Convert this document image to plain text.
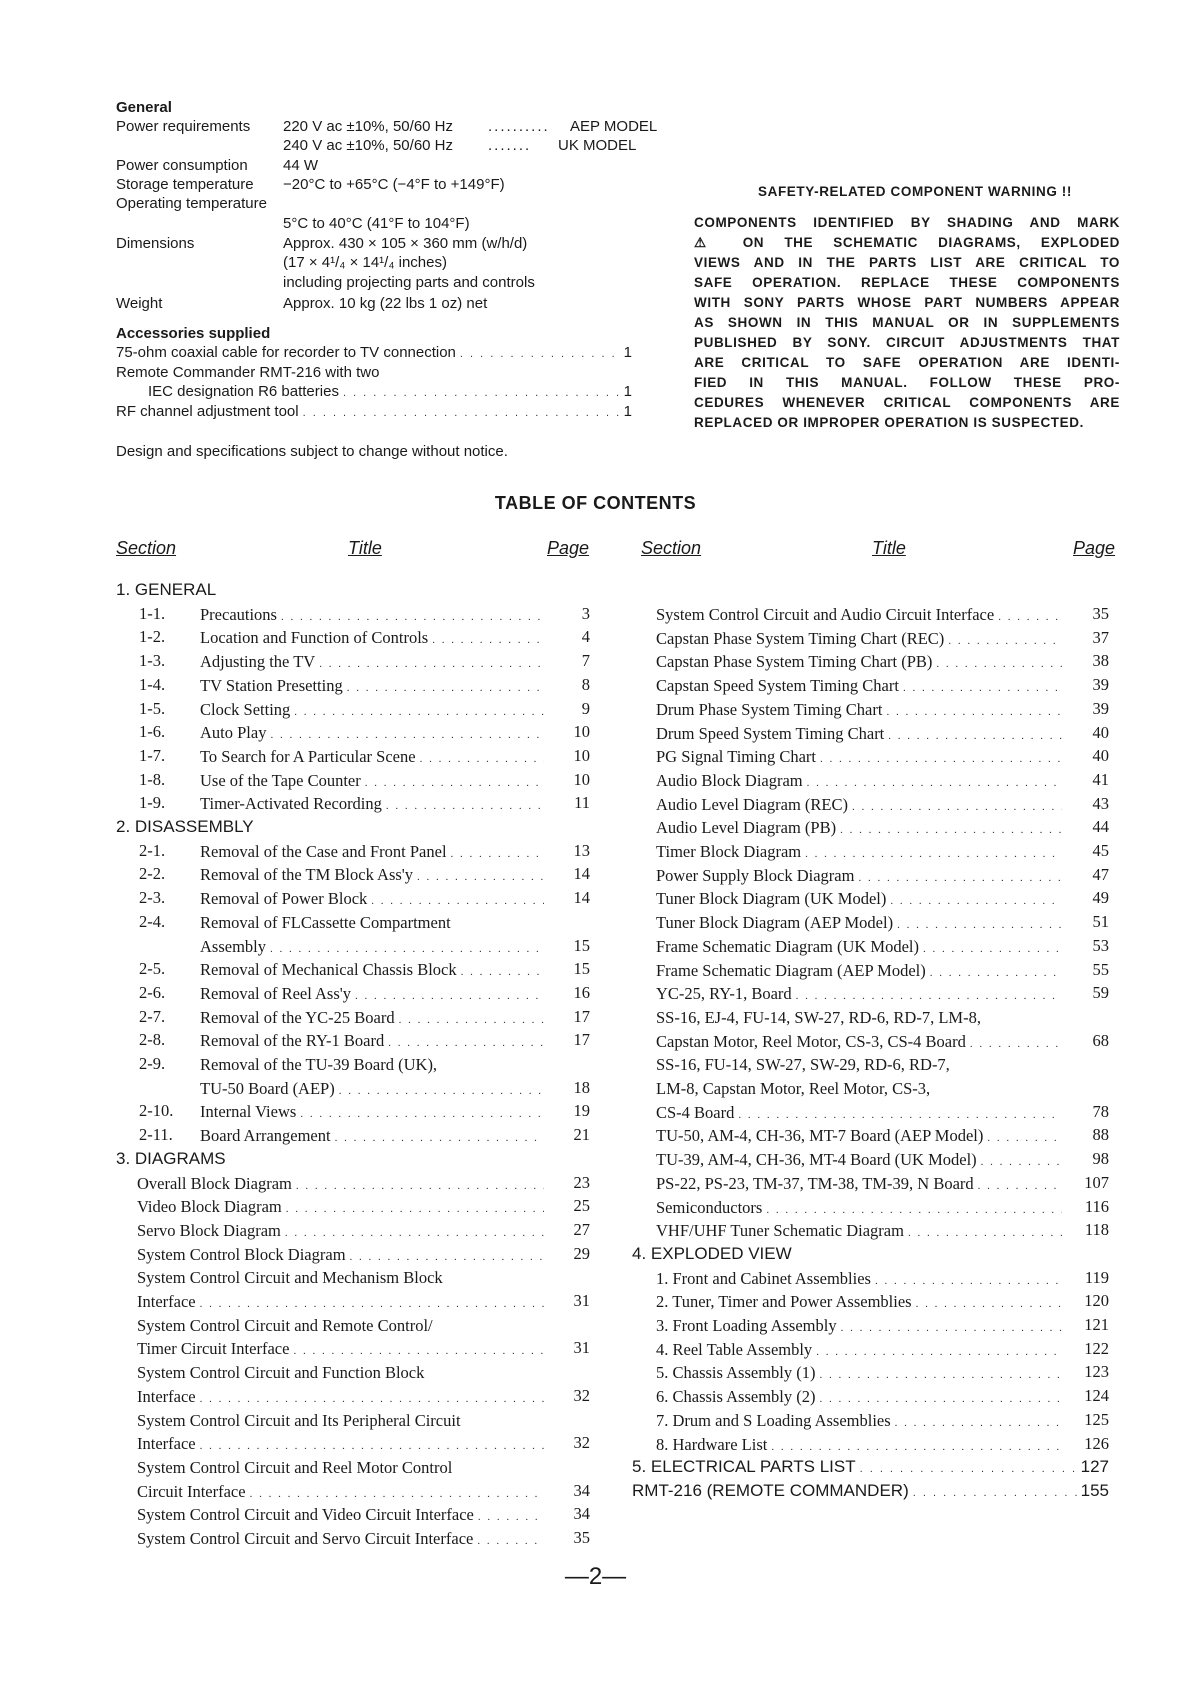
General
Power requirements 220 V ac ±10%, 50/60 Hz .......... AEP MODEL
240 V ac ±10%, 50/60 Hz ....... UK MODEL
Power consumption 44 W
Storage temperature −20°C to +65°C (−4°F to +149°F)
Operating temperature
5°C to 40°C (41°F to 104°F)
Dimensions	Approx. 430 × 105 × 360 mm (w/h/d)
(17 × 4¹/₄ × 14¹/₄ inches)
including projecting parts and controls
Weight	Approx. 10 kg (22 lbs 1 oz) net
Accessories supplied
75-ohm coaxial cable for recorder to TV connection . . .	1
Remote Commander RMT-216 with two
IEC designation R6 batteries . . .	1
RF channel adjustment tool . . .	1
Design and specifications subject to change without notice.
SAFETY-RELATED COMPONENT WARNING !!
COMPONENTS IDENTIFIED BY SHADING AND MARK
⚠ ON THE SCHEMATIC DIAGRAMS, EXPLODED
VIEWS AND IN THE PARTS LIST ARE CRITICAL TO
SAFE OPERATION. REPLACE THESE COMPONENTS
WITH SONY PARTS WHOSE PART NUMBERS APPEAR
AS SHOWN IN THIS MANUAL OR IN SUPPLEMENTS
PUBLISHED BY SONY. CIRCUIT ADJUSTMENTS THAT
ARE CRITICAL TO SAFE OPERATION ARE IDENTI-
FIED IN THIS MANUAL. FOLLOW THESE PRO-
CEDURES WHENEVER CRITICAL COMPONENTS ARE
REPLACED OR IMPROPER OPERATION IS SUSPECTED.
TABLE OF CONTENTS
Section	Title	Page	Section	Title	Page
1. GENERAL
1-1. Precautions . . .	3
1-2. Location and Function of Controls . . .	4
1-3. Adjusting the TV . . .	7
1-4. TV Station Presetting . . .	8
1-5. Clock Setting . . .	9
1-6. Auto Play . . .	10
1-7. To Search for A Particular Scene . . .	10
1-8. Use of the Tape Counter . . .	10
1-9. Timer-Activated Recording . . .	11
2. DISASSEMBLY
2-1. Removal of the Case and Front Panel . . .	13
2-2. Removal of the TM Block Ass'y . . .	14
2-3. Removal of Power Block . . .	14
2-4. Removal of FLCassette Compartment
Assembly . . .	15
2-5. Removal of Mechanical Chassis Block . . .	15
2-6. Removal of Reel Ass'y . . .	16
2-7. Removal of the YC-25 Board . . .	17
2-8. Removal of the RY-1 Board . . .	17
2-9. Removal of the TU-39 Board (UK),
TU-50 Board (AEP) . . .	18
2-10. Internal Views . . .	19
2-11. Board Arrangement . . .	21
3. DIAGRAMS
Overall Block Diagram . . .	23
Video Block Diagram . . .	25
Servo Block Diagram . . .	27
System Control Block Diagram . . .	29
System Control Circuit and Mechanism Block
Interface . . .	31
System Control Circuit and Remote Control/
Timer Circuit Interface . . .	31
System Control Circuit and Function Block
Interface . . .	32
System Control Circuit and Its Peripheral Circuit
Interface . . .	32
System Control Circuit and Reel Motor Control
Circuit Interface . . .	34
System Control Circuit and Video Circuit Interface . . .	34
System Control Circuit and Servo Circuit Interface . . .	35
System Control Circuit and Audio Circuit Interface . . .	35
Capstan Phase System Timing Chart (REC) . . .	37
Capstan Phase System Timing Chart (PB) . . .	38
Capstan Speed System Timing Chart . . .	39
Drum Phase System Timing Chart . . .	39
Drum Speed System Timing Chart . . .	40
PG Signal Timing Chart . . .	40
Audio Block Diagram . . .	41
Audio Level Diagram (REC) . . .	43
Audio Level Diagram (PB) . . .	44
Timer Block Diagram . . .	45
Power Supply Block Diagram . . .	47
Tuner Block Diagram (UK Model) . . .	49
Tuner Block Diagram (AEP Model) . . .	51
Frame Schematic Diagram (UK Model) . . .	53
Frame Schematic Diagram (AEP Model) . . .	55
YC-25, RY-1, Board . . .	59
SS-16, EJ-4, FU-14, SW-27, RD-6, RD-7, LM-8,
Capstan Motor, Reel Motor, CS-3, CS-4 Board . . .	68
SS-16, FU-14, SW-27, SW-29, RD-6, RD-7,
LM-8, Capstan Motor, Reel Motor, CS-3,
CS-4 Board . . .	78
TU-50, AM-4, CH-36, MT-7 Board (AEP Model) . . .	88
TU-39, AM-4, CH-36, MT-4 Board (UK Model) . . .	98
PS-22, PS-23, TM-37, TM-38, TM-39, N Board . . .	107
Semiconductors . . .	116
VHF/UHF Tuner Schematic Diagram . . .	118
4. EXPLODED VIEW
1. Front and Cabinet Assemblies . . .	119
2. Tuner, Timer and Power Assemblies . . .	120
3. Front Loading Assembly . . .	121
4. Reel Table Assembly . . .	122
5. Chassis Assembly (1) . . .	123
6. Chassis Assembly (2) . . .	124
7. Drum and S Loading Assemblies . . .	125
8. Hardware List . . .	126
5. ELECTRICAL PARTS LIST . . .	127
RMT-216 (REMOTE COMMANDER) . . .	155
—2—
